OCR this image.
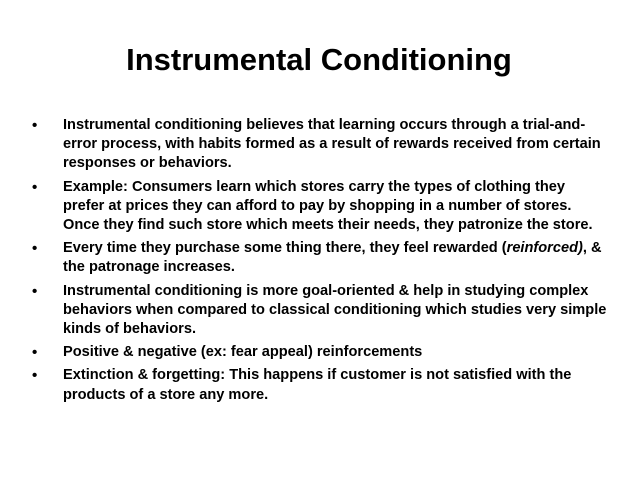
Instrumental Conditioning
•	Instrumental conditioning believes that learning occurs through a trial-and-error process, with habits formed as a result of rewards received from certain responses or behaviors.
•	Example: Consumers learn which stores carry the types of clothing they prefer at prices they can afford to pay by shopping in a number of stores. Once they find such store which meets their needs, they patronize the store.
•	Every time they purchase some thing there, they feel rewarded (reinforced), & the patronage increases.
•	Instrumental conditioning is more goal-oriented & help in studying complex behaviors when compared to classical conditioning which studies very simple kinds of behaviors.
•	Positive & negative (ex: fear appeal) reinforcements
•	Extinction & forgetting: This happens if customer is not satisfied with the products of a store any more.
